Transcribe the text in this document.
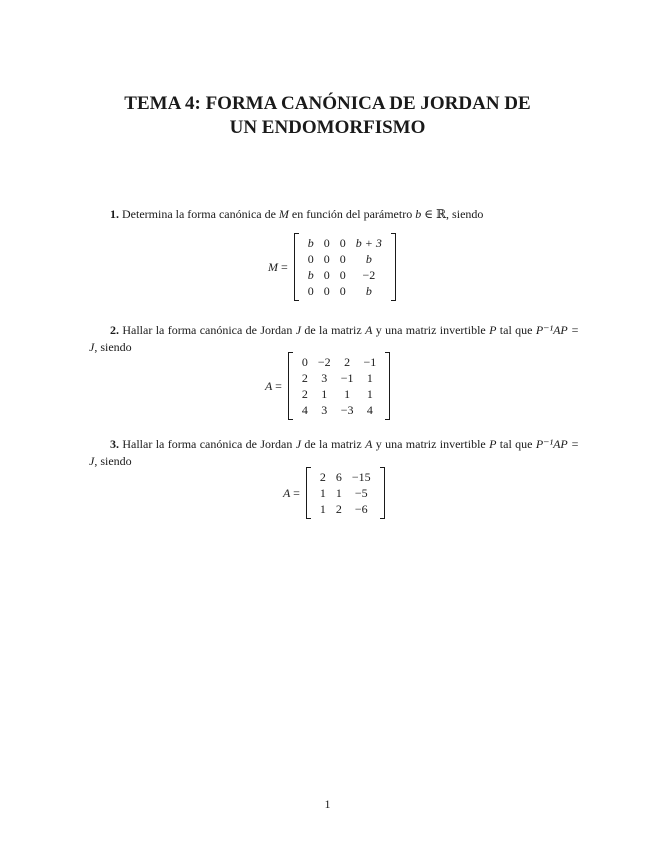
TEMA 4: FORMA CANÓNICA DE JORDAN DE
UN ENDOMORFISMO

1. Determina la forma canónica de M en función del parámetro b ∈ ℝ, siendo

M =
b	0	0	b + 3
0	0	0	b
b	0	0	−2
0	0	0	b

2. Hallar la forma canónica de Jordan J de la matriz A y una matriz invertible P tal que P⁻¹AP = J, siendo

A =
0	−2	2	−1
2	3	−1	1
2	1	1	1
4	3	−3	4

3. Hallar la forma canónica de Jordan J de la matriz A y una matriz invertible P tal que P⁻¹AP = J, siendo

A =
2	6	−15
1	1	−5
1	2	−6
1
